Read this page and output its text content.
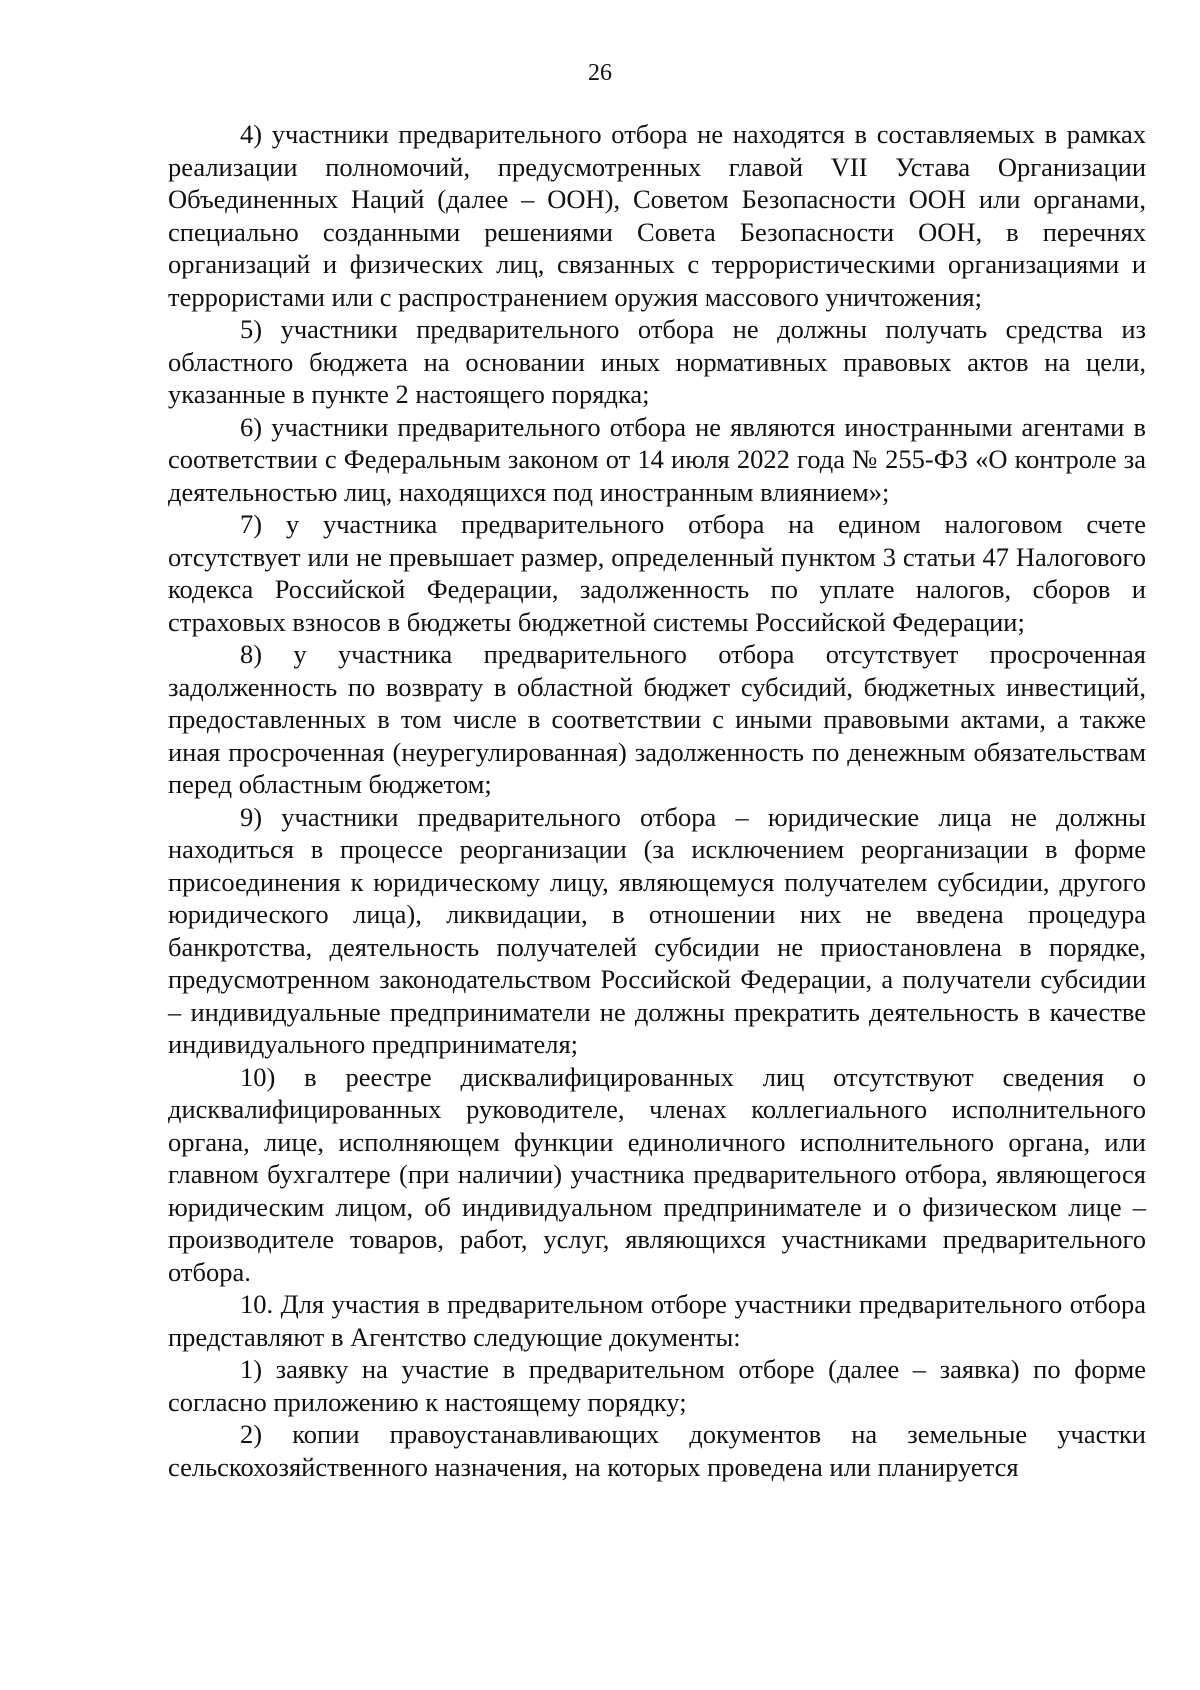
26

4) участники предварительного отбора не находятся в составляемых в рамках реализации полномочий, предусмотренных главой VII Устава Организации Объединенных Наций (далее – ООН), Советом Безопасности ООН или органами, специально созданными решениями Совета Безопасности ООН, в перечнях организаций и физических лиц, связанных с террористическими организациями и террористами или с распространением оружия массового уничтожения;

5) участники предварительного отбора не должны получать средства из областного бюджета на основании иных нормативных правовых актов на цели, указанные в пункте 2 настоящего порядка;

6) участники предварительного отбора не являются иностранными агентами в соответствии с Федеральным законом от 14 июля 2022 года № 255-ФЗ «О контроле за деятельностью лиц, находящихся под иностранным влиянием»;

7) у участника предварительного отбора на едином налоговом счете отсутствует или не превышает размер, определенный пунктом 3 статьи 47 Налогового кодекса Российской Федерации, задолженность по уплате налогов, сборов и страховых взносов в бюджеты бюджетной системы Российской Федерации;

8) у участника предварительного отбора отсутствует просроченная задолженность по возврату в областной бюджет субсидий, бюджетных инвестиций, предоставленных в том числе в соответствии с иными правовыми актами, а также иная просроченная (неурегулированная) задолженность по денежным обязательствам перед областным бюджетом;

9) участники предварительного отбора – юридические лица не должны находиться в процессе реорганизации (за исключением реорганизации в форме присоединения к юридическому лицу, являющемуся получателем субсидии, другого юридического лица), ликвидации, в отношении них не введена процедура банкротства, деятельность получателей субсидии не приостановлена в порядке, предусмотренном законодательством Российской Федерации, а получатели субсидии – индивидуальные предприниматели не должны прекратить деятельность в качестве индивидуального предпринимателя;

10) в реестре дисквалифицированных лиц отсутствуют сведения о дисквалифицированных руководителе, членах коллегиального исполнительного органа, лице, исполняющем функции единоличного исполнительного органа, или главном бухгалтере (при наличии) участника предварительного отбора, являющегося юридическим лицом, об индивидуальном предпринимателе и о физическом лице – производителе товаров, работ, услуг, являющихся участниками предварительного отбора.

10. Для участия в предварительном отборе участники предварительного отбора представляют в Агентство следующие документы:

1) заявку на участие в предварительном отборе (далее – заявка) по форме согласно приложению к настоящему порядку;

2) копии правоустанавливающих документов на земельные участки сельскохозяйственного назначения, на которых проведена или планируется
